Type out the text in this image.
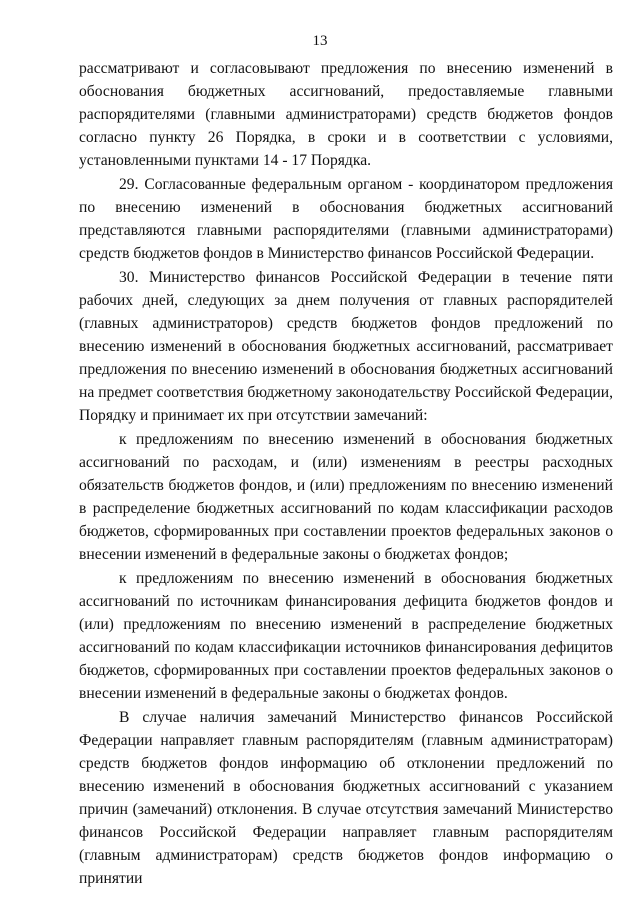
13

рассматривают и согласовывают предложения по внесению изменений в обоснования бюджетных ассигнований, предоставляемые главными распорядителями (главными администраторами) средств бюджетов фондов согласно пункту 26 Порядка, в сроки и в соответствии с условиями, установленными пунктами 14 - 17 Порядка.

29. Согласованные федеральным органом - координатором предложения по внесению изменений в обоснования бюджетных ассигнований представляются главными распорядителями (главными администраторами) средств бюджетов фондов в Министерство финансов Российской Федерации.

30. Министерство финансов Российской Федерации в течение пяти рабочих дней, следующих за днем получения от главных распорядителей (главных администраторов) средств бюджетов фондов предложений по внесению изменений в обоснования бюджетных ассигнований, рассматривает предложения по внесению изменений в обоснования бюджетных ассигнований на предмет соответствия бюджетному законодательству Российской Федерации, Порядку и принимает их при отсутствии замечаний:

к предложениям по внесению изменений в обоснования бюджетных ассигнований по расходам, и (или) изменениям в реестры расходных обязательств бюджетов фондов, и (или) предложениям по внесению изменений в распределение бюджетных ассигнований по кодам классификации расходов бюджетов, сформированных при составлении проектов федеральных законов о внесении изменений в федеральные законы о бюджетах фондов;

к предложениям по внесению изменений в обоснования бюджетных ассигнований по источникам финансирования дефицита бюджетов фондов и (или) предложениям по внесению изменений в распределение бюджетных ассигнований по кодам классификации источников финансирования дефицитов бюджетов, сформированных при составлении проектов федеральных законов о внесении изменений в федеральные законы о бюджетах фондов.

В случае наличия замечаний Министерство финансов Российской Федерации направляет главным распорядителям (главным администраторам) средств бюджетов фондов информацию об отклонении предложений по внесению изменений в обоснования бюджетных ассигнований с указанием причин (замечаний) отклонения. В случае отсутствия замечаний Министерство финансов Российской Федерации направляет главным распорядителям (главным администраторам) средств бюджетов фондов информацию о принятии
